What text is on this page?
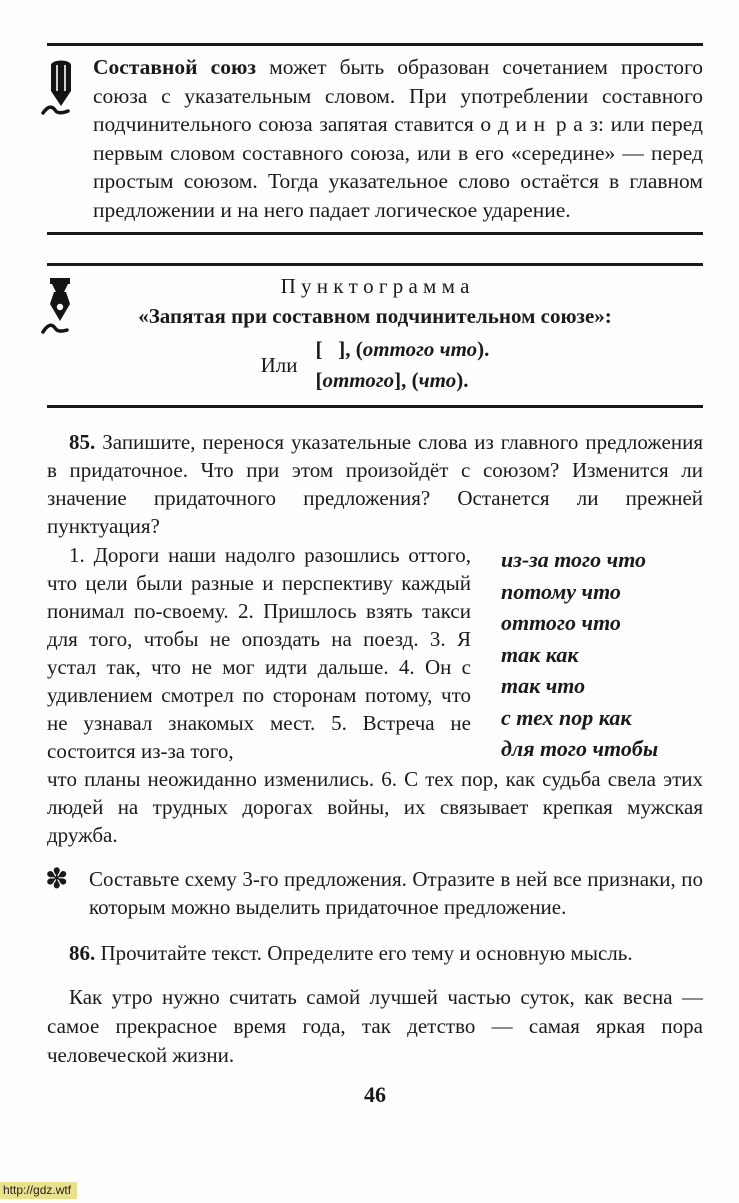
Составной союз может быть образован сочетанием простого союза с указательным словом. При употреблении составного подчинительного союза запятая ставится о д и н р а з: или перед первым словом составного союза, или в его «середине» — перед простым союзом. Тогда указательное слово остаётся в главном предложении и на него падает логическое ударение.

П у н к т о г р а м м а
«Запятая при составном подчинительном союзе»:
Или
[   ], (оттого что).
[оттого], (что).

85. Запишите, перенося указательные слова из главного предложения в придаточное. Что при этом произойдёт с союзом? Изменится ли значение придаточного предложения? Останется ли прежней пунктуация?

1. Дороги наши надолго разошлись оттого, что цели были разные и перспективу каждый понимал по-своему. 2. Пришлось взять такси для того, чтобы не опоздать на поезд. 3. Я устал так, что не мог идти дальше. 4. Он с удивлением смотрел по сторонам потому, что не узнавал знакомых мест. 5. Встреча не состоится из-за того,

из-за того что
потому что
оттого что
так как
так что
с тех пор как
для того чтобы

что планы неожиданно изменились. 6. С тех пор, как судьба свела этих людей на трудных дорогах войны, их связывает крепкая мужская дружба.

✽ Составьте схему 3-го предложения. Отразите в ней все признаки, по которым можно выделить придаточное предложение.

86. Прочитайте текст. Определите его тему и основную мысль.

Как утро нужно считать самой лучшей частью суток, как весна — самое прекрасное время года, так детство — самая яркая пора человеческой жизни.

46
http://gdz.wtf
